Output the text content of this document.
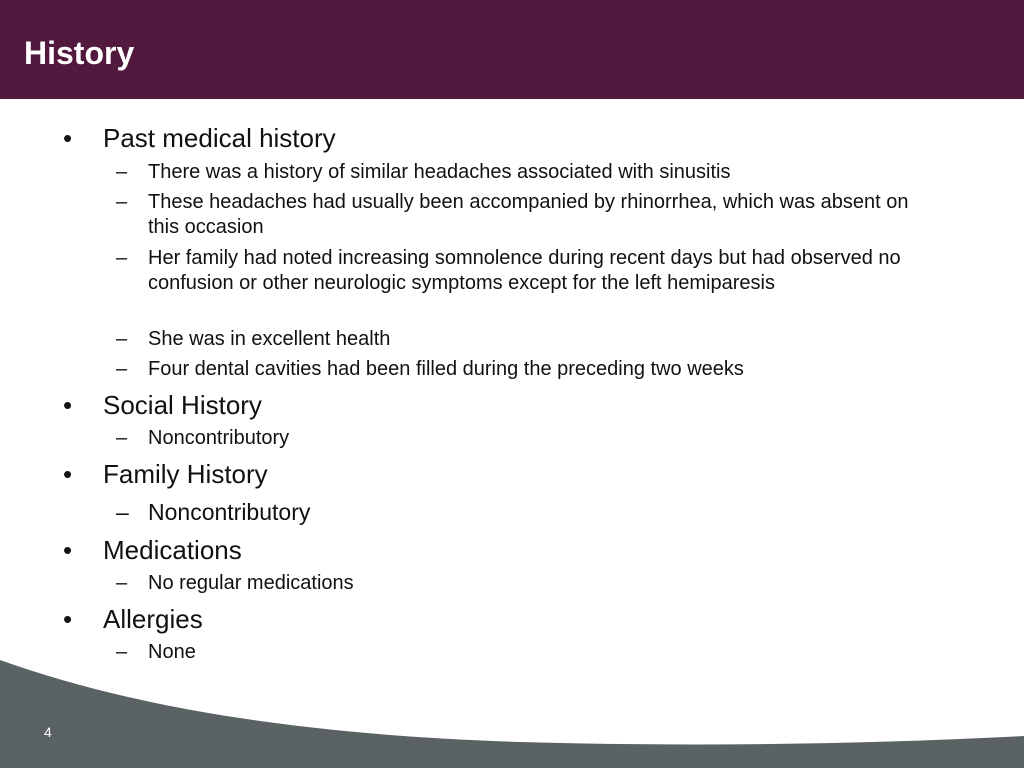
History
• Past medical history
– There was a history of similar headaches associated with sinusitis
– These headaches had usually been accompanied by rhinorrhea, which was absent on this occasion
– Her family had noted increasing somnolence during recent days but had observed no confusion or other neurologic symptoms except for the left hemiparesis
– She was in excellent health
– Four dental cavities had been filled during the preceding two weeks
• Social History
– Noncontributory
• Family History
– Noncontributory
• Medications
– No regular medications
• Allergies
– None
4
